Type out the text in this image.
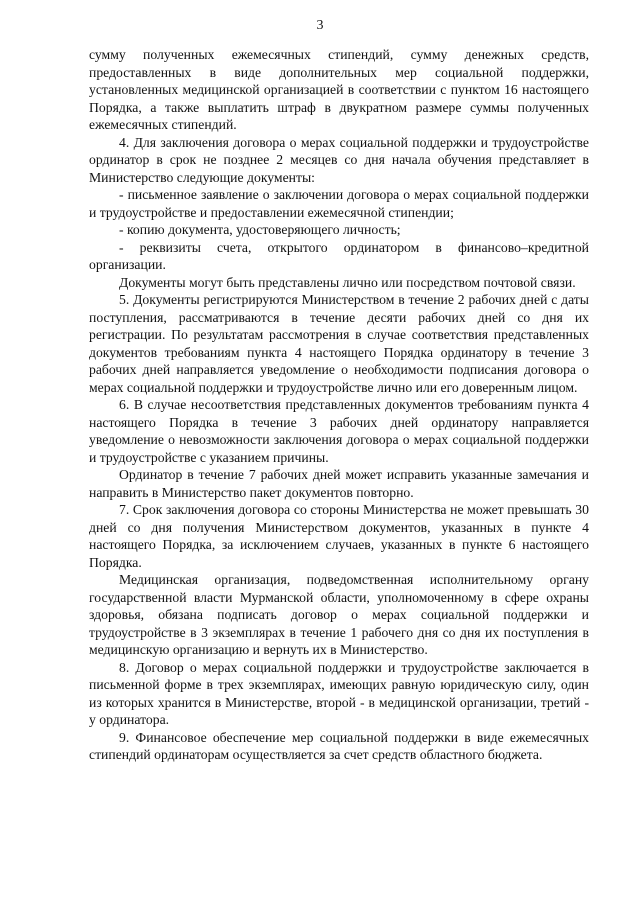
3

сумму полученных ежемесячных стипендий, сумму денежных средств, предоставленных в виде дополнительных мер социальной поддержки, установленных медицинской организацией в соответствии с пунктом 16 настоящего Порядка, а также выплатить штраф в двукратном размере суммы полученных ежемесячных стипендий.

4. Для заключения договора о мерах социальной поддержки и трудоустройстве ординатор в срок не позднее 2 месяцев со дня начала обучения представляет в Министерство следующие документы:

- письменное заявление о заключении договора о мерах социальной поддержки и трудоустройстве и предоставлении ежемесячной стипендии;

- копию документа, удостоверяющего личность;

- реквизиты счета, открытого ординатором в финансово–кредитной организации.

Документы могут быть представлены лично или посредством почтовой связи.

5. Документы регистрируются Министерством в течение 2 рабочих дней с даты поступления, рассматриваются в течение десяти рабочих дней со дня их регистрации. По результатам рассмотрения в случае соответствия представленных документов требованиям пункта 4 настоящего Порядка ординатору в течение 3 рабочих дней направляется уведомление о необходимости подписания договора о мерах социальной поддержки и трудоустройстве лично или его доверенным лицом.

6. В случае несоответствия представленных документов требованиям пункта 4 настоящего Порядка в течение 3 рабочих дней ординатору направляется уведомление о невозможности заключения договора о мерах социальной поддержки и трудоустройстве с указанием причины.

Ординатор в течение 7 рабочих дней может исправить указанные замечания и направить в Министерство пакет документов повторно.

7. Срок заключения договора со стороны Министерства не может превышать 30 дней со дня получения Министерством документов, указанных в пункте 4 настоящего Порядка, за исключением случаев, указанных в пункте 6 настоящего Порядка.

Медицинская организация, подведомственная исполнительному органу государственной власти Мурманской области, уполномоченному в сфере охраны здоровья, обязана подписать договор о мерах социальной поддержки и трудоустройстве в 3 экземплярах в течение 1 рабочего дня со дня их поступления в медицинскую организацию и вернуть их в Министерство.

8. Договор о мерах социальной поддержки и трудоустройстве заключается в письменной форме в трех экземплярах, имеющих равную юридическую силу, один из которых хранится в Министерстве, второй - в медицинской организации, третий - у ординатора.

9. Финансовое обеспечение мер социальной поддержки в виде ежемесячных стипендий ординаторам осуществляется за счет средств областного бюджета.
